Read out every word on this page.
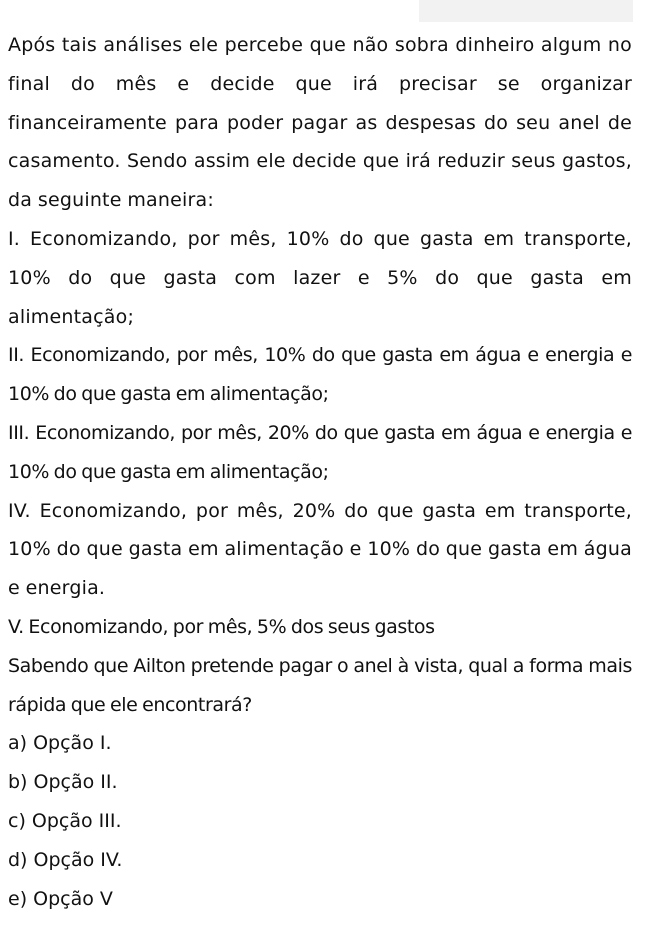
Após tais análises ele percebe que não sobra dinheiro algum no final do mês e decide que irá precisar se organizar financeiramente para poder pagar as despesas do seu anel de casamento. Sendo assim ele decide que irá reduzir seus gastos, da seguinte maneira:

I. Economizando, por mês, 10% do que gasta em transporte, 10% do que gasta com lazer e 5% do que gasta em alimentação;

II. Economizando, por mês, 10% do que gasta em água e energia e 10% do que gasta em alimentação;

III. Economizando, por mês, 20% do que gasta em água e energia e 10% do que gasta em alimentação;

IV. Economizando, por mês, 20% do que gasta em transporte, 10% do que gasta em alimentação e 10% do que gasta em água e energia.

V. Economizando, por mês, 5% dos seus gastos

Sabendo que Ailton pretende pagar o anel à vista, qual a forma mais rápida que ele encontrará?

a) Opção I.

b) Opção II.

c) Opção III.

d) Opção IV.

e) Opção V
